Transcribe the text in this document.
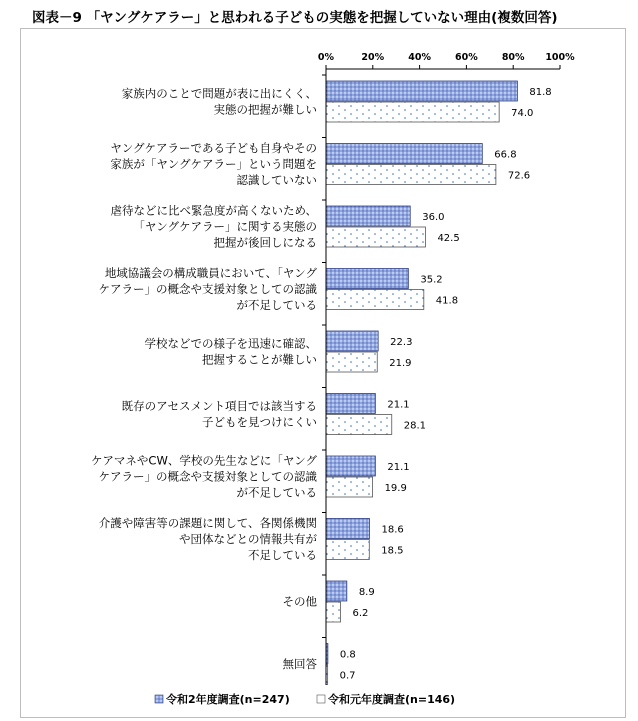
図表－9 「ヤングケアラー」と思われる子どもの実態を把握していない理由(複数回答)
0%	20%	40%	60%	80% 100%
家族内のことで問題が表に出にくく、
実態の把握が難しい
ヤングケアラーである子ども自身やその
家族が「ヤングケアラー」という問題を
認識していない
虐待などに比べ緊急度が高くないため、
「ヤングケアラー」に関する実態の
把握が後回しになる
地域協議会の構成職員において、「ヤング
ケアラー」の概念や支援対象としての認識
が不足している
学校などでの様子を迅速に確認、
把握することが難しい
既存のアセスメント項目では該当する
子どもを見つけにくい
ケアマネやCW、学校の先生などに「ヤング
ケアラー」の概念や支援対象としての認識
が不足している
介護や障害等の課題に関して、各関係機関
や団体などとの情報共有が
不足している
その他
無回答
81.8
66.8
36.0
35.2
22.3
21.1
21.1
18.6
8.9
0.8
74.0
72.6
42.5
41.8
21.9
28.1
19.9
18.5
6.2
0.7
令和2年度調査(n=247)	令和元年度調査(n=146)
